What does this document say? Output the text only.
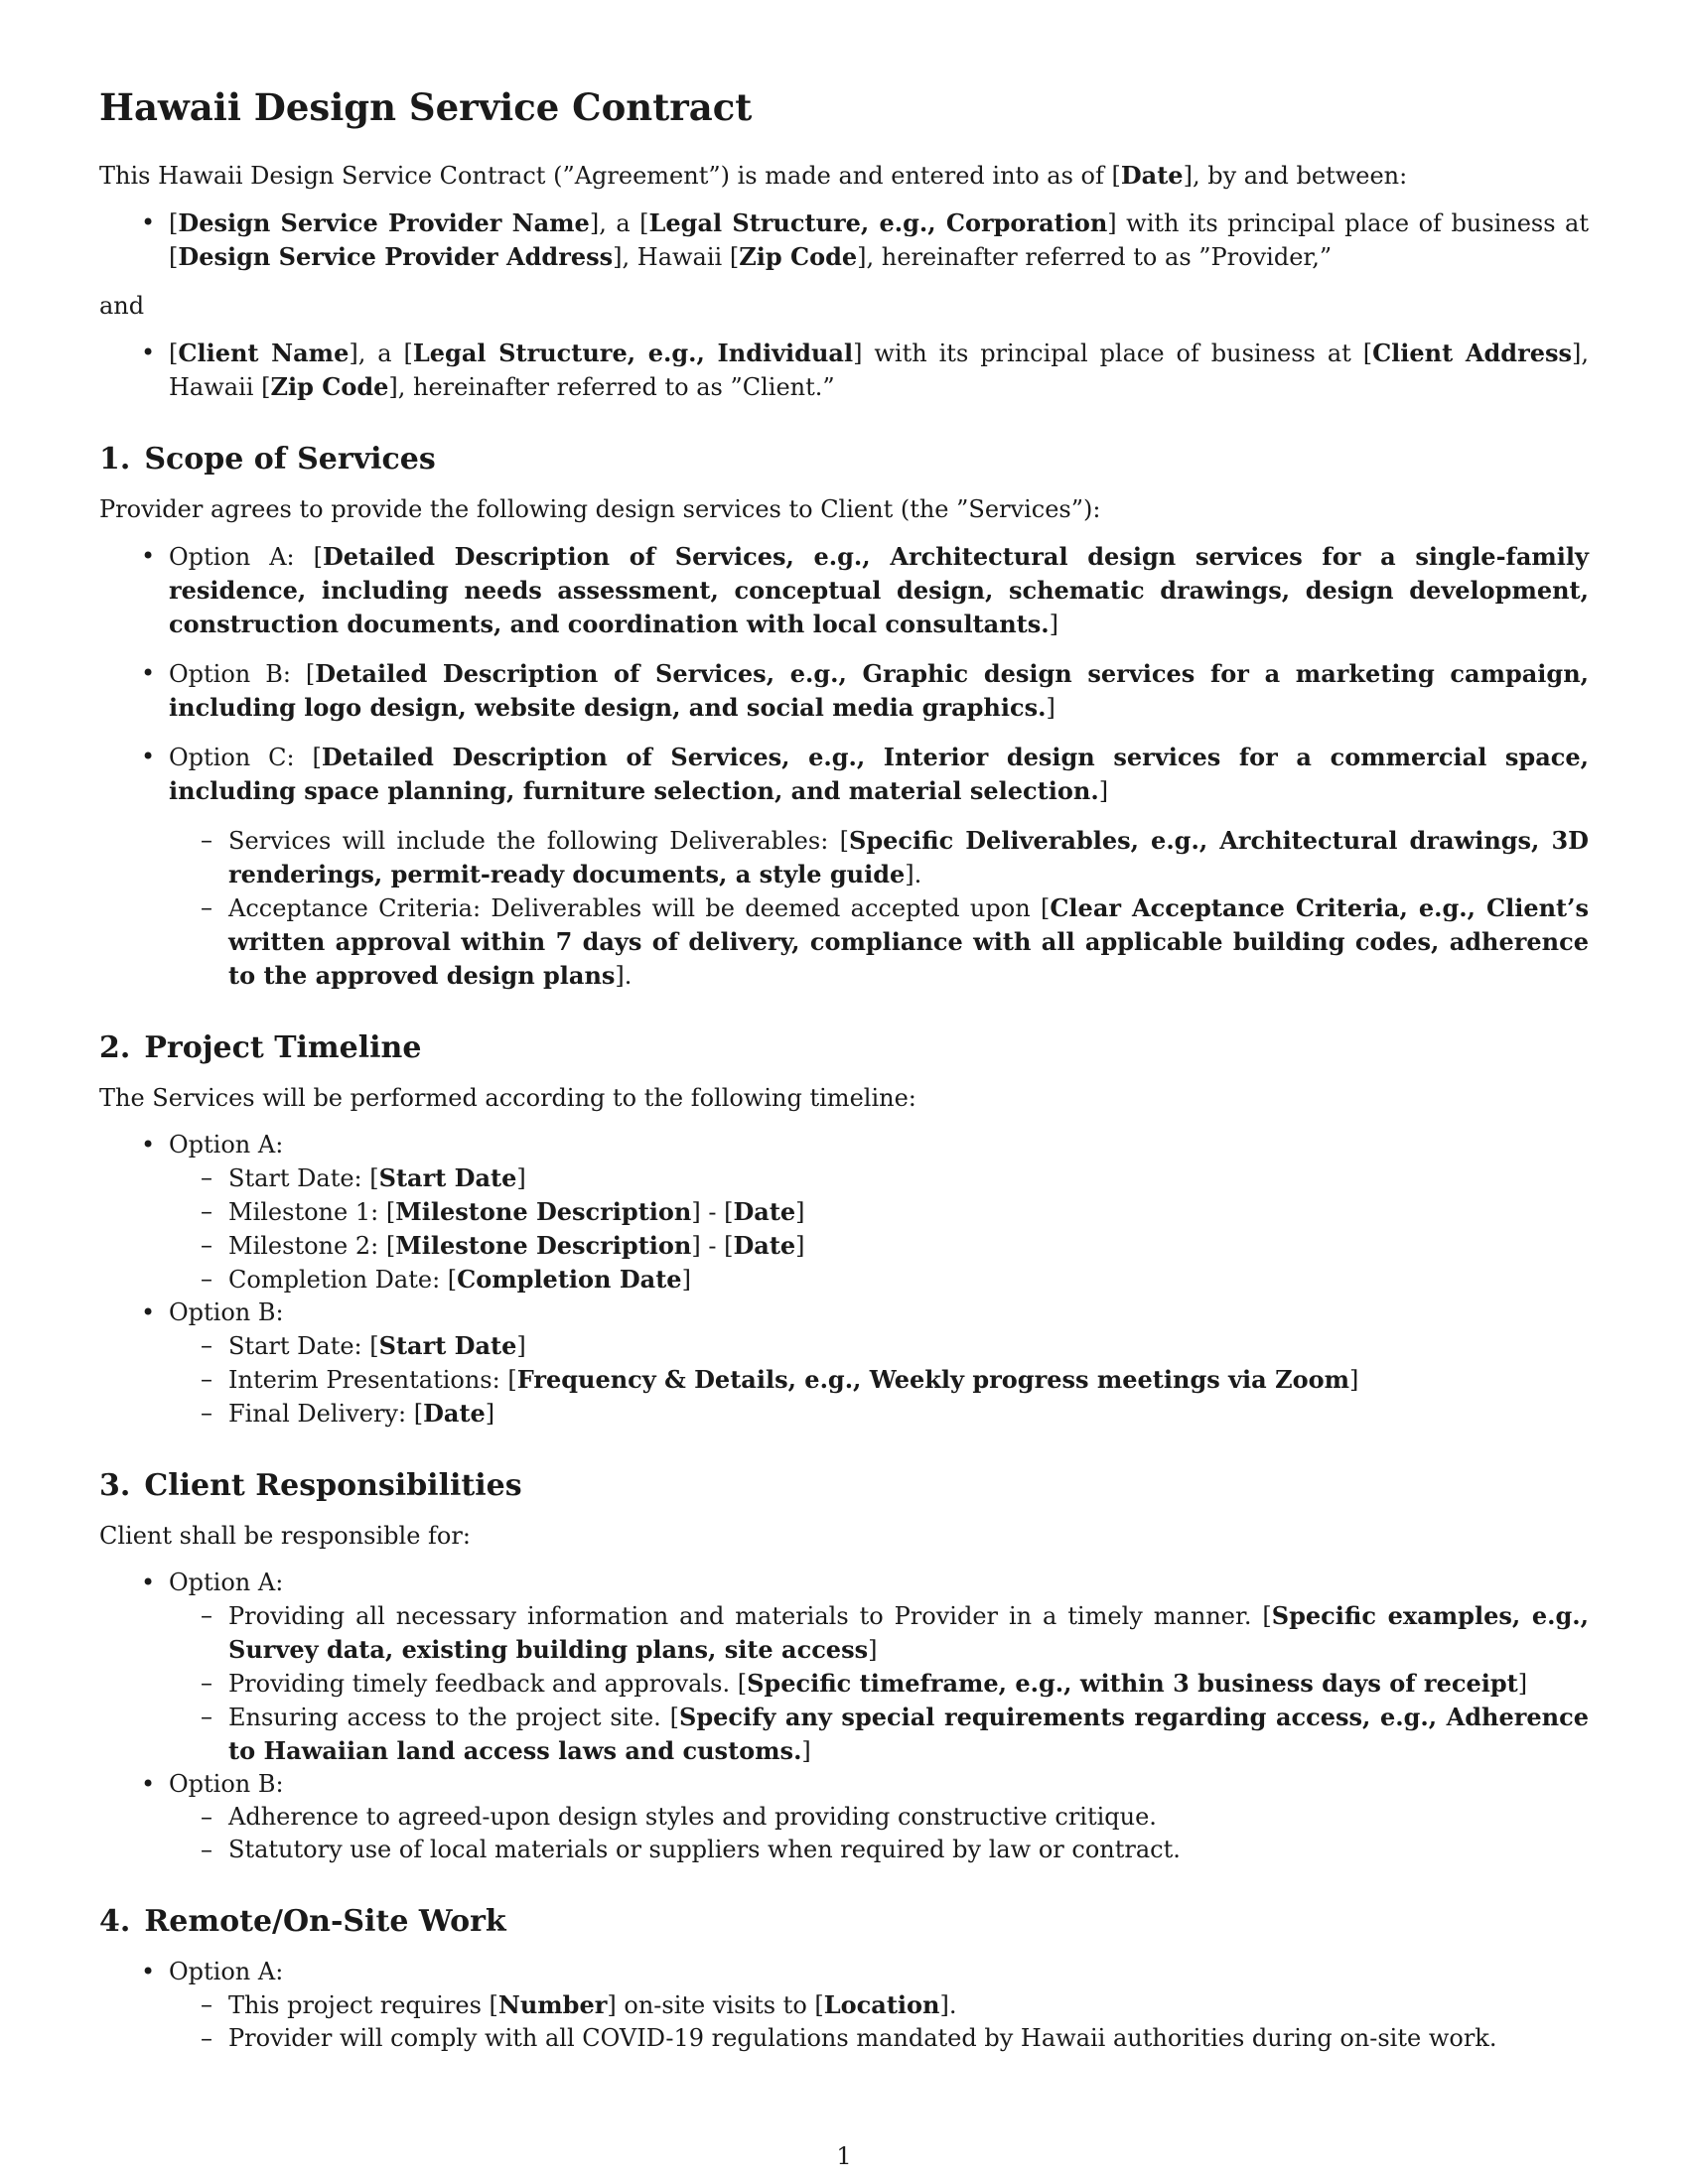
Hawaii Design Service Contract

This Hawaii Design Service Contract (”Agreement”) is made and entered into as of [Date], by and between:

• [Design Service Provider Name], a [Legal Structure, e.g., Corporation] with its principal place of business at [Design Service Provider Address], Hawaii [Zip Code], hereinafter referred to as ”Provider,”
and
• [Client Name], a [Legal Structure, e.g., Individual] with its principal place of business at [Client Address], Hawaii [Zip Code], hereinafter referred to as ”Client.”
1. Scope of Services

Provider agrees to provide the following design services to Client (the ”Services”):

• Option A: [Detailed Description of Services, e.g., Architectural design services for a single-family residence, including needs assessment, conceptual design, schematic drawings, design development, construction documents, and coordination with local consultants.]
• Option B: [Detailed Description of Services, e.g., Graphic design services for a marketing campaign, including logo design, website design, and social media graphics.]
• Option C: [Detailed Description of Services, e.g., Interior design services for a commercial space, including space planning, furniture selection, and material selection.]
– Services will include the following Deliverables: [Specific Deliverables, e.g., Architectural drawings, 3D renderings, permit-ready documents, a style guide].
– Acceptance Criteria: Deliverables will be deemed accepted upon [Clear Acceptance Criteria, e.g., Client’s written approval within 7 days of delivery, compliance with all applicable building codes, adherence to the approved design plans].
2. Project Timeline

The Services will be performed according to the following timeline:

• Option A:
– Start Date: [Start Date]
– Milestone 1: [Milestone Description] - [Date]
– Milestone 2: [Milestone Description] - [Date]
– Completion Date: [Completion Date]
• Option B:
– Start Date: [Start Date]
– Interim Presentations: [Frequency & Details, e.g., Weekly progress meetings via Zoom]
– Final Delivery: [Date]
3. Client Responsibilities

Client shall be responsible for:

• Option A:
– Providing all necessary information and materials to Provider in a timely manner. [Specific examples, e.g., Survey data, existing building plans, site access]
– Providing timely feedback and approvals. [Specific timeframe, e.g., within 3 business days of receipt]
– Ensuring access to the project site. [Specify any special requirements regarding access, e.g., Adherence to Hawaiian land access laws and customs.]
• Option B:
– Adherence to agreed-upon design styles and providing constructive critique.
– Statutory use of local materials or suppliers when required by law or contract.
4. Remote/On-Site Work
• Option A:
– This project requires [Number] on-site visits to [Location].
– Provider will comply with all COVID-19 regulations mandated by Hawaii authorities during on-site work.
1
